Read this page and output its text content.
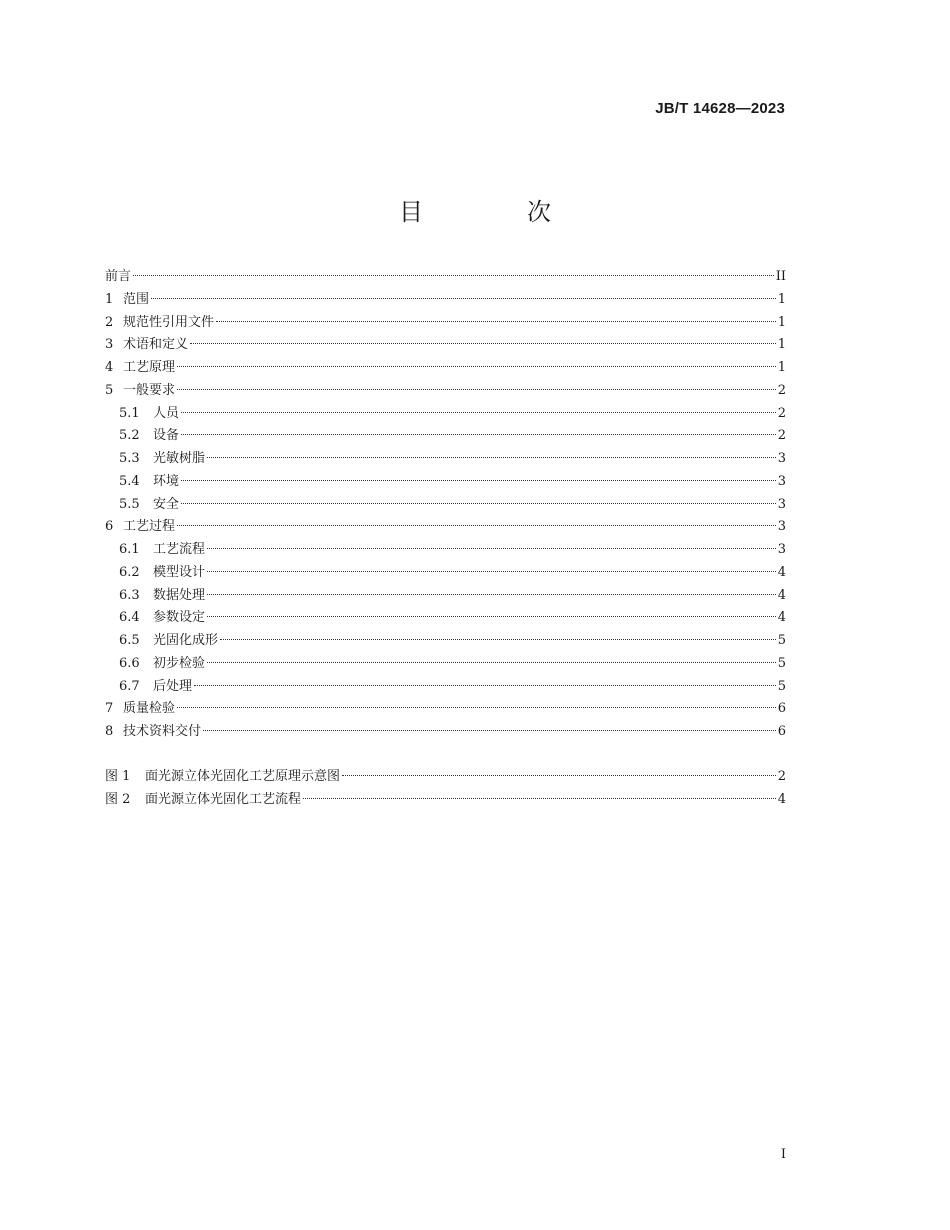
JB/T 14628—2023
目　次
前言	II
1 范围	1
2 规范性引用文件	1
3 术语和定义	1
4 工艺原理	1
5 一般要求	2
5.1	人员	2
5.2	设备	2
5.3	光敏树脂	3
5.4	环境	3
5.5	安全	3
6 工艺过程	3
6.1	工艺流程	3
6.2	模型设计	4
6.3	数据处理	4
6.4	参数设定	4
6.5	光固化成形	5
6.6	初步检验	5
6.7	后处理	5
7 质量检验	6
8 技术资料交付	6
图 1	面光源立体光固化工艺原理示意图	2
图 2	面光源立体光固化工艺流程	4
I
